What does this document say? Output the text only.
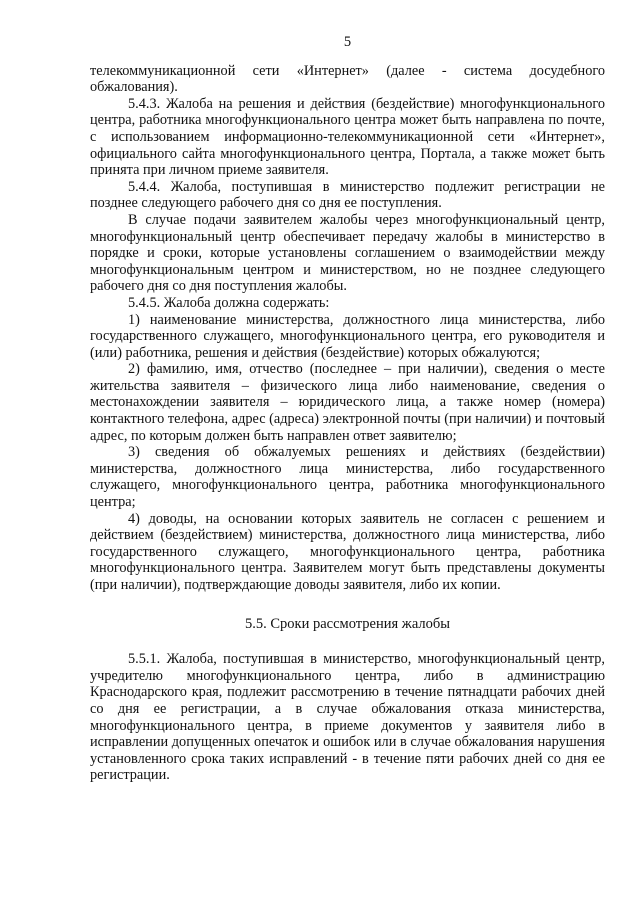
5

телекоммуникационной сети «Интернет» (далее - система досудебного обжалования).

5.4.3. Жалоба на решения и действия (бездействие) многофункционального центра, работника многофункционального центра может быть направлена по почте, с использованием информационно-телекоммуникационной сети «Интернет», официального сайта многофункционального центра, Портала, а также может быть принята при личном приеме заявителя.

5.4.4. Жалоба, поступившая в министерство подлежит регистрации не позднее следующего рабочего дня со дня ее поступления.

В случае подачи заявителем жалобы через многофункциональный центр, многофункциональный центр обеспечивает передачу жалобы в министерство в порядке и сроки, которые установлены соглашением о взаимодействии между многофункциональным центром и министерством, но не позднее следующего рабочего дня со дня поступления жалобы.

5.4.5. Жалоба должна содержать:

1) наименование министерства, должностного лица министерства, либо государственного служащего, многофункционального центра, его руководителя и (или) работника, решения и действия (бездействие) которых обжалуются;

2) фамилию, имя, отчество (последнее – при наличии), сведения о месте жительства заявителя – физического лица либо наименование, сведения о местонахождении заявителя – юридического лица, а также номер (номера) контактного телефона, адрес (адреса) электронной почты (при наличии) и почтовый адрес, по которым должен быть направлен ответ заявителю;

3) сведения об обжалуемых решениях и действиях (бездействии) министерства, должностного лица министерства, либо государственного служащего, многофункционального центра, работника многофункционального центра;

4) доводы, на основании которых заявитель не согласен с решением и действием (бездействием) министерства, должностного лица министерства, либо государственного служащего, многофункционального центра, работника многофункционального центра. Заявителем могут быть представлены документы (при наличии), подтверждающие доводы заявителя, либо их копии.

5.5. Сроки рассмотрения жалобы

5.5.1. Жалоба, поступившая в министерство, многофункциональный центр, учредителю многофункционального центра, либо в администрацию Краснодарского края, подлежит рассмотрению в течение пятнадцати рабочих дней со дня ее регистрации, а в случае обжалования отказа министерства, многофункционального центра, в приеме документов у заявителя либо в исправлении допущенных опечаток и ошибок или в случае обжалования нарушения установленного срока таких исправлений - в течение пяти рабочих дней со дня ее регистрации.
